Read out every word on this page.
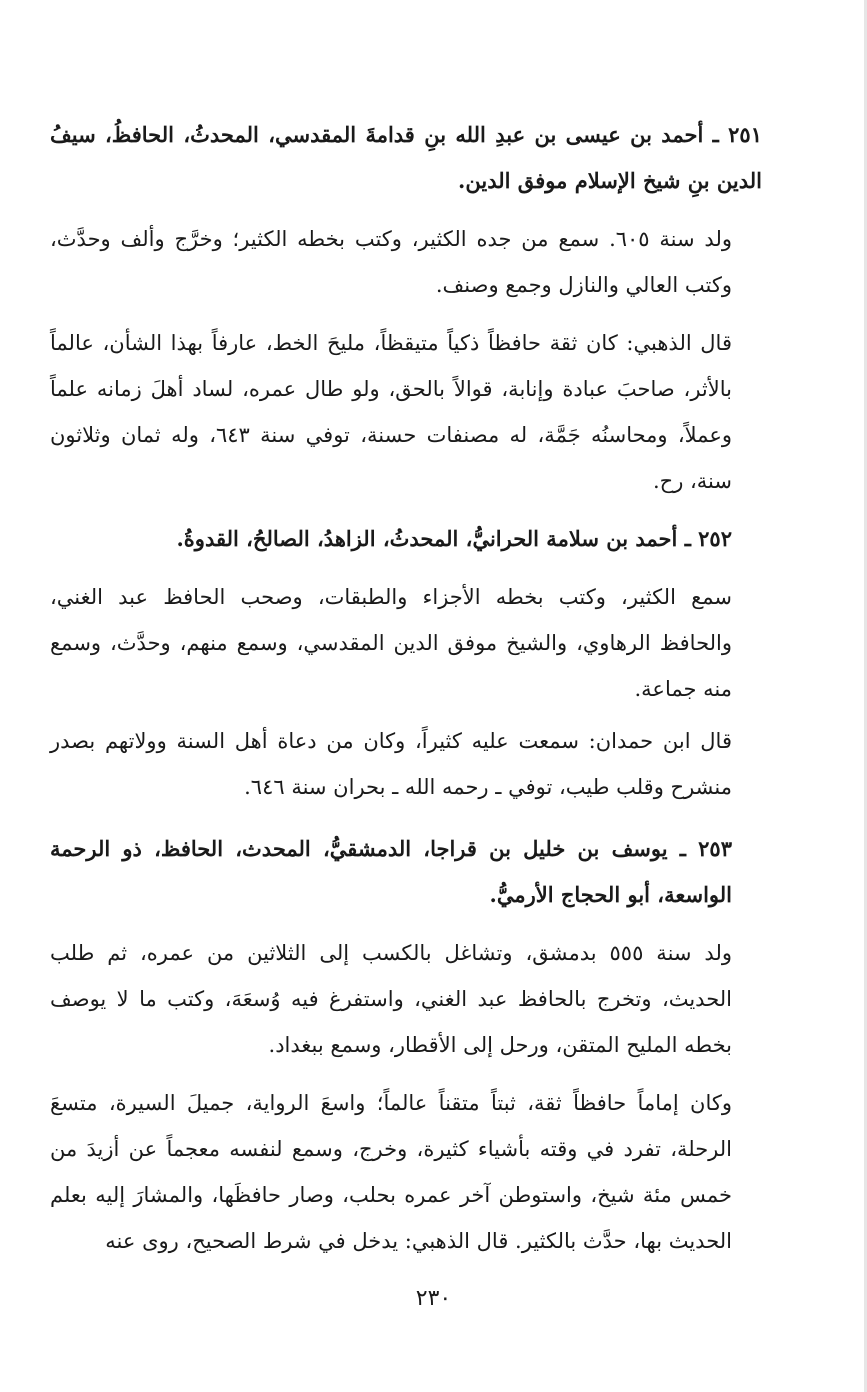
٢٥١ ـ أحمد بن عيسى بن عبدِ الله بنِ قدامةَ المقدسي، المحدثُ، الحافظُ، سيفُ الدين بنِ شيخ الإسلام موفق الدين.

ولد سنة ٦٠٥. سمع من جده الكثير، وكتب بخطه الكثير؛ وخرَّج وألف وحدَّث، وكتب العالي والنازل وجمع وصنف.

قال الذهبي: كان ثقة حافظاً ذكياً متيقظاً، مليحَ الخط، عارفاً بهذا الشأن، عالماً بالأثر، صاحبَ عبادة وإنابة، قوالاً بالحق، ولو طال عمره، لساد أهلَ زمانه علماً وعملاً، ومحاسنُه جَمَّة، له مصنفات حسنة، توفي سنة ٦٤٣، وله ثمان وثلاثون سنة، رح.

٢٥٢ ـ أحمد بن سلامة الحرانيُّ، المحدثُ، الزاهدُ، الصالحُ، القدوةُ.

سمع الكثير، وكتب بخطه الأجزاء والطبقات، وصحب الحافظ عبد الغني، والحافظ الرهاوي، والشيخ موفق الدين المقدسي، وسمع منهم، وحدَّث، وسمع منه جماعة.

قال ابن حمدان: سمعت عليه كثيراً، وكان من دعاة أهل السنة وولاتهم بصدر منشرح وقلب طيب، توفي ـ رحمه الله ـ بحران سنة ٦٤٦.

٢٥٣ ـ يوسف بن خليل بن قراجا، الدمشقيُّ، المحدث، الحافظ، ذو الرحمة الواسعة، أبو الحجاج الأرميُّ.

ولد سنة ٥٥٥ بدمشق، وتشاغل بالكسب إلى الثلاثين من عمره، ثم طلب الحديث، وتخرج بالحافظ عبد الغني، واستفرغ فيه وُسعَهَ، وكتب ما لا يوصف بخطه المليح المتقن، ورحل إلى الأقطار، وسمع ببغداد.

وكان إماماً حافظاً ثقة، ثبتاً متقناً عالماً؛ واسعَ الرواية، جميلَ السيرة، متسعَ الرحلة، تفرد في وقته بأشياء كثيرة، وخرج، وسمع لنفسه معجماً عن أزيدَ من خمس مئة شيخ، واستوطن آخر عمره بحلب، وصار حافظَها، والمشارَ إليه بعلم الحديث بها، حدَّث بالكثير. قال الذهبي: يدخل في شرط الصحيح، روى عنه

٢٣٠
